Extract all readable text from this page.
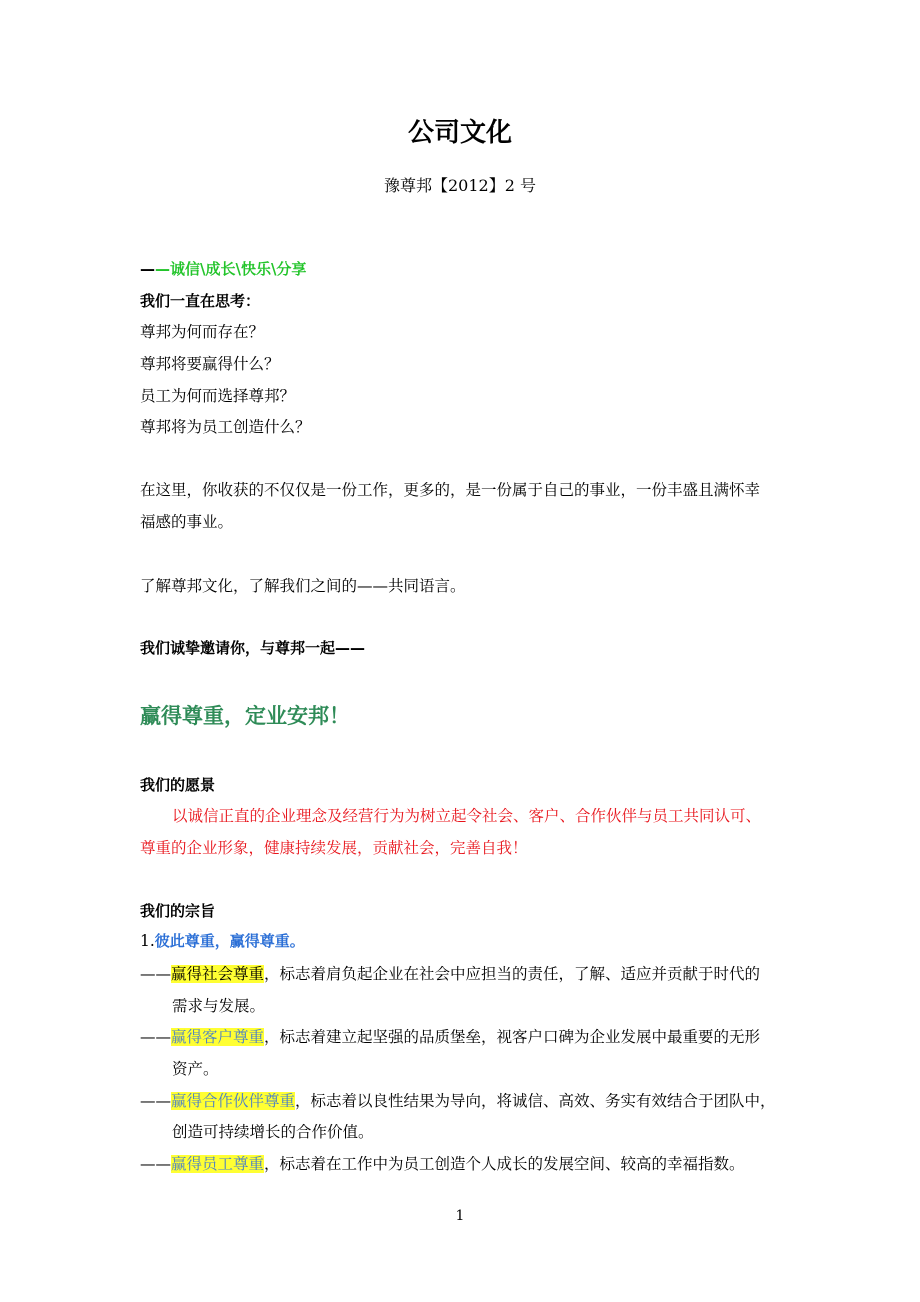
公司文化
豫尊邦【2012】2 号
——诚信\成长\快乐\分享
我们一直在思考：
尊邦为何而存在？
尊邦将要赢得什么？
员工为何而选择尊邦？
尊邦将为员工创造什么？
在这里，你收获的不仅仅是一份工作，更多的，是一份属于自己的事业，一份丰盛且满怀幸
福感的事业。
了解尊邦文化，了解我们之间的——共同语言。
我们诚挚邀请你，与尊邦一起——
赢得尊重，定业安邦！
我们的愿景
以诚信正直的企业理念及经营行为为树立起令社会、客户、合作伙伴与员工共同认可、
尊重的企业形象，健康持续发展，贡献社会，完善自我！
我们的宗旨
1.彼此尊重，赢得尊重。
——赢得社会尊重，标志着肩负起企业在社会中应担当的责任，了解、适应并贡献于时代的
需求与发展。
——赢得客户尊重，标志着建立起坚强的品质堡垒，视客户口碑为企业发展中最重要的无形
资产。
——赢得合作伙伴尊重，标志着以良性结果为导向，将诚信、高效、务实有效结合于团队中，
创造可持续增长的合作价值。
——赢得员工尊重，标志着在工作中为员工创造个人成长的发展空间、较高的幸福指数。
1
